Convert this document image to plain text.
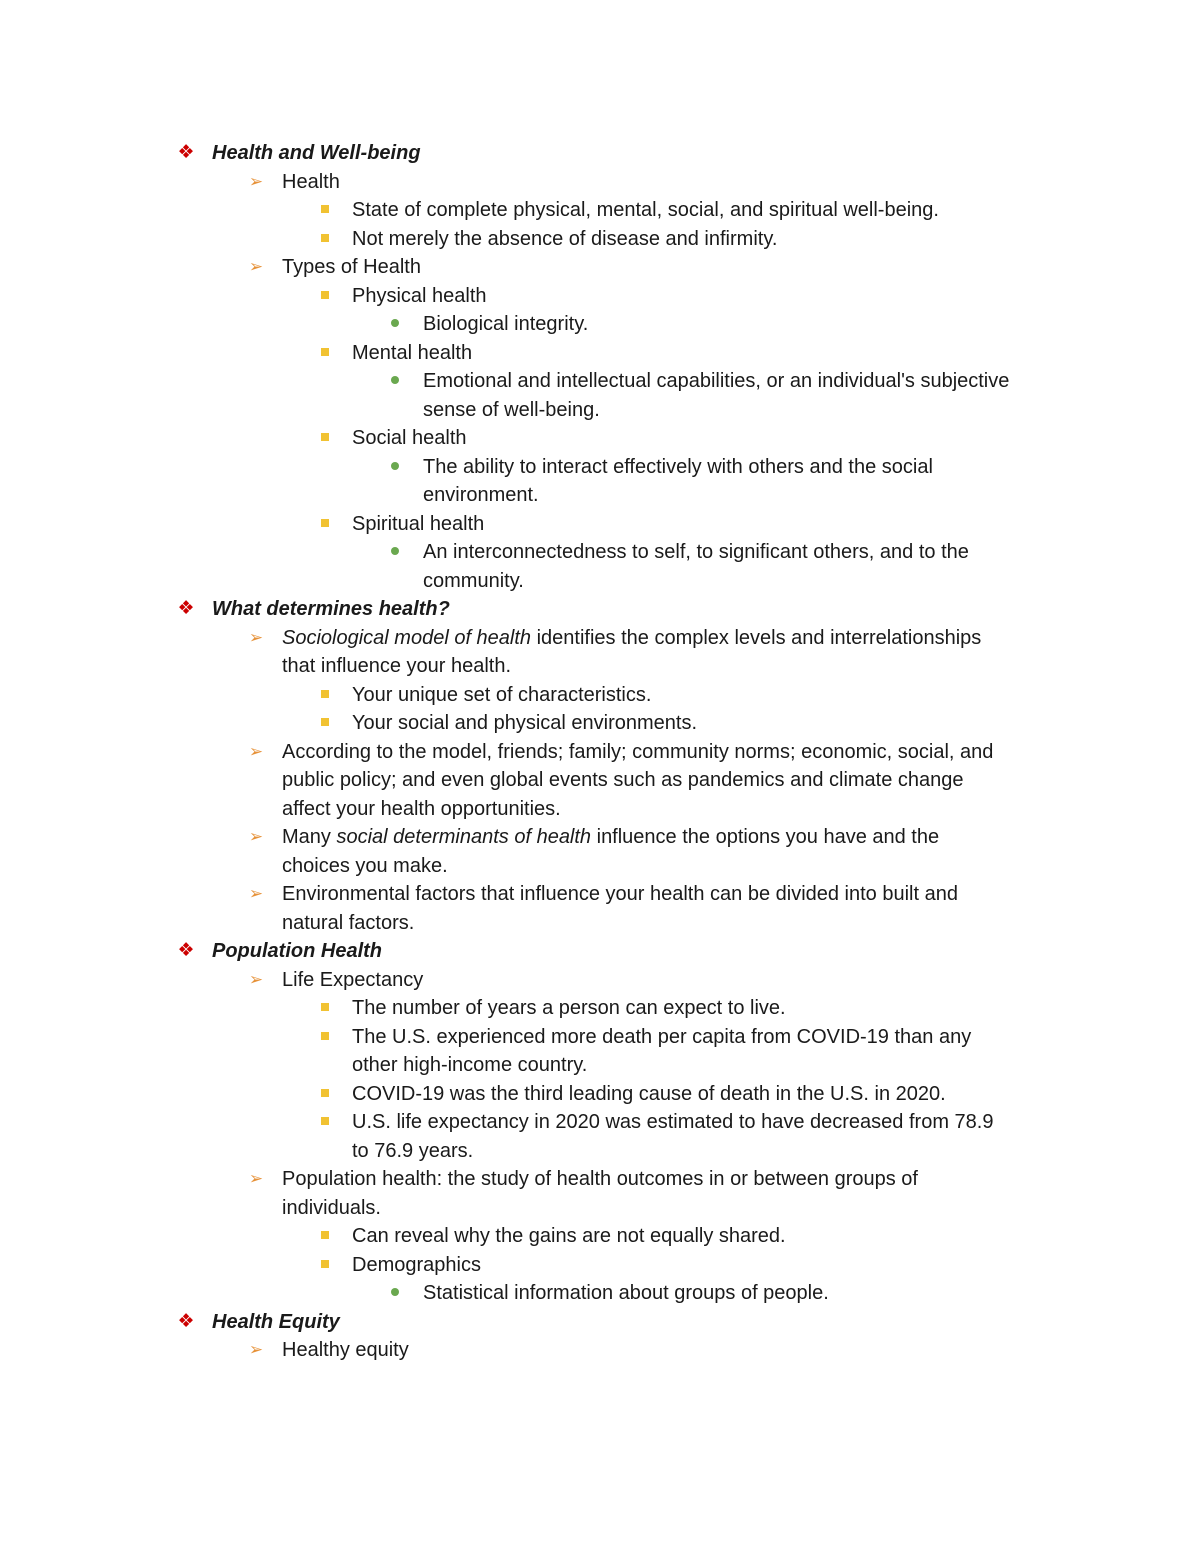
❖ Health and Well-being
➢ Health
State of complete physical, mental, social, and spiritual well-being.
Not merely the absence of disease and infirmity.
➢ Types of Health
Physical health
Biological integrity.
Mental health
Emotional and intellectual capabilities, or an individual's subjective
sense of well-being.
Social health
The ability to interact effectively with others and the social
environment.
Spiritual health
An interconnectedness to self, to significant others, and to the
community.
❖ What determines health?
➢ Sociological model of health identifies the complex levels and interrelationships
that influence your health.
Your unique set of characteristics.
Your social and physical environments.
➢ According to the model, friends; family; community norms; economic, social, and
public policy; and even global events such as pandemics and climate change
affect your health opportunities.
➢ Many social determinants of health influence the options you have and the
choices you make.
➢ Environmental factors that influence your health can be divided into built and
natural factors.
❖ Population Health
➢ Life Expectancy
The number of years a person can expect to live.
The U.S. experienced more death per capita from COVID-19 than any
other high-income country.
COVID-19 was the third leading cause of death in the U.S. in 2020.
U.S. life expectancy in 2020 was estimated to have decreased from 78.9
to 76.9 years.
➢ Population health: the study of health outcomes in or between groups of
individuals.
Can reveal why the gains are not equally shared.
Demographics
Statistical information about groups of people.
❖ Health Equity
➢ Healthy equity
